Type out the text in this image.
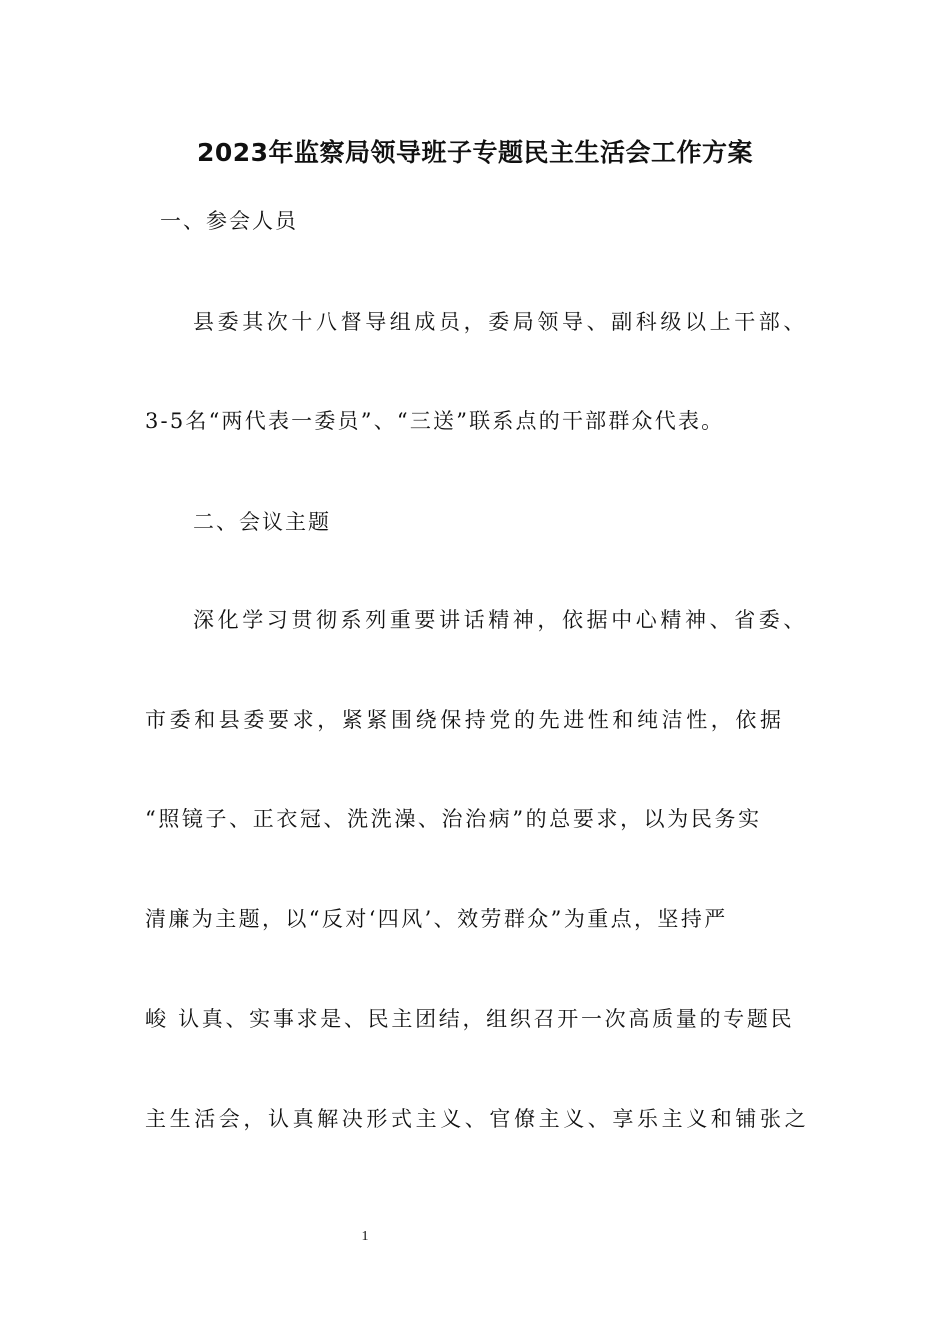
2023年监察局领导班子专题民主生活会工作方案
一、参会人员
县委其次十八督导组成员，委局领导、副科级以上干部、
3-5名“两代表一委员”、“三送”联系点的干部群众代表。
二、会议主题
深化学习贯彻系列重要讲话精神，依据中心精神、省委、
市委和县委要求，紧紧围绕保持党的先进性和纯洁性，依据
“照镜子、正衣冠、洗洗澡、治治病”的总要求，以为民务实
清廉为主题，以“反对‘四风’、效劳群众”为重点，坚持严
峻 认真、实事求是、民主团结，组织召开一次高质量的专题民
主生活会，认真解决形式主义、官僚主义、享乐主义和铺张之
1
